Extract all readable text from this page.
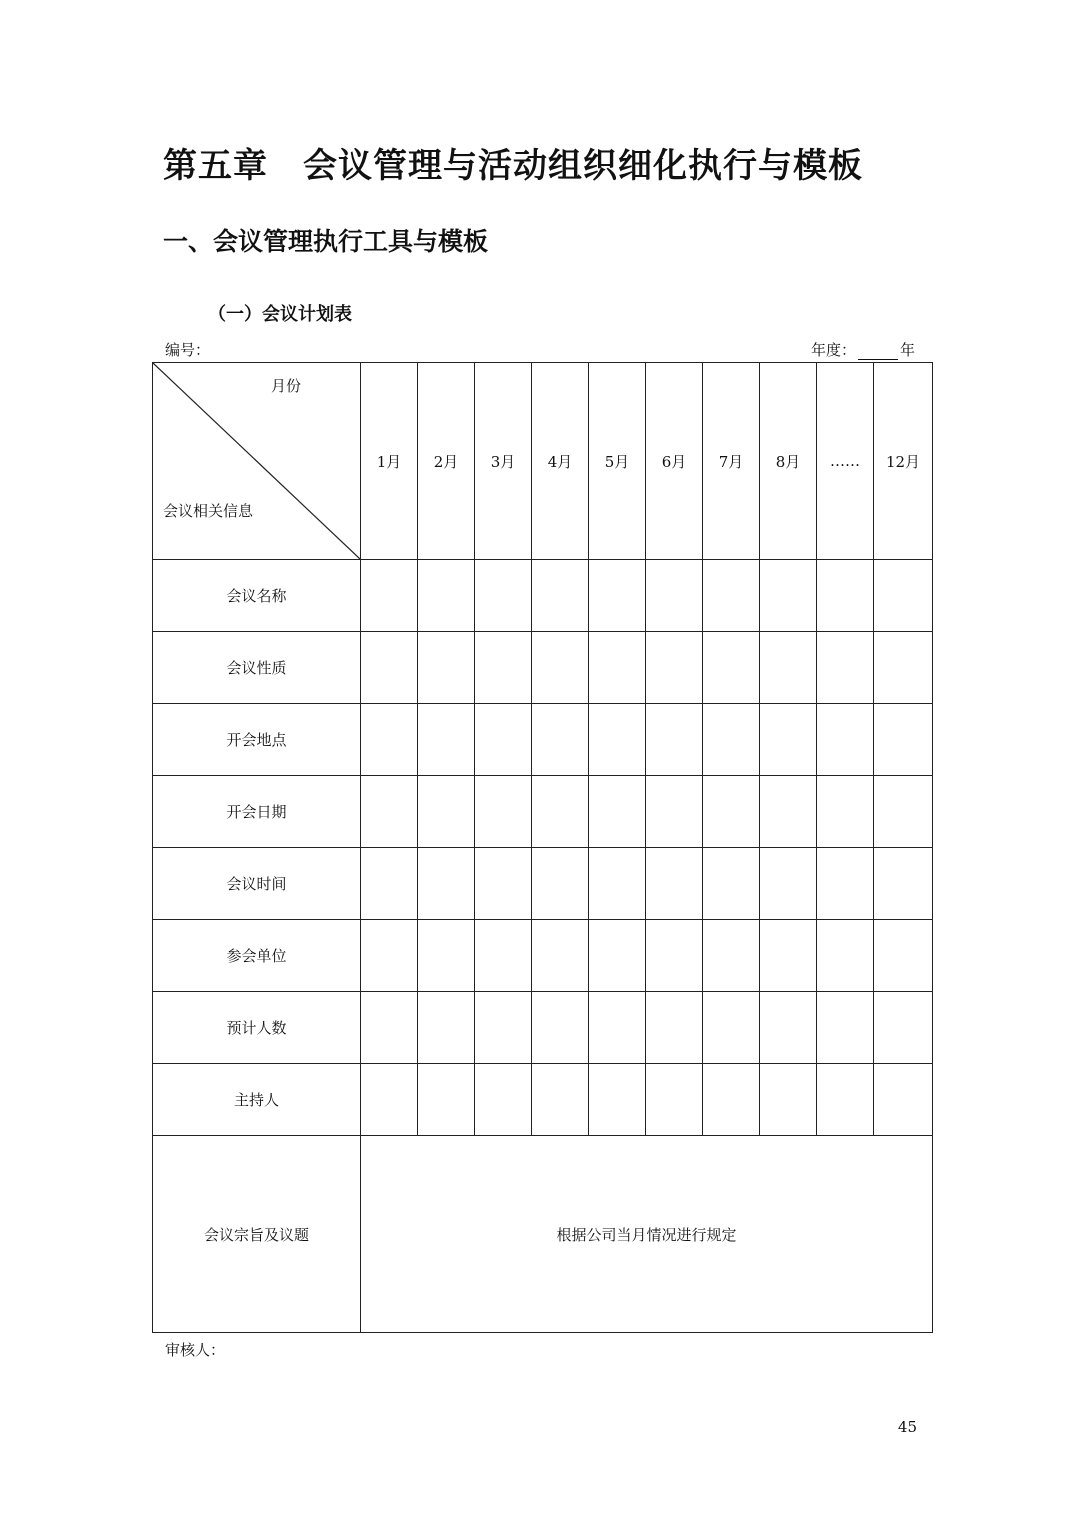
第五章　会议管理与活动组织细化执行与模板
一、会议管理执行工具与模板
（一）会议计划表
编号：	年度：	年
月份
会议相关信息	1月	2月	3月	4月	5月	6月	7月	8月	……	12月
会议名称										
会议性质										
开会地点										
开会日期										
会议时间										
参会单位										
预计人数										
主持人										
会议宗旨及议题	根据公司当月情况进行规定									
审核人：
45
